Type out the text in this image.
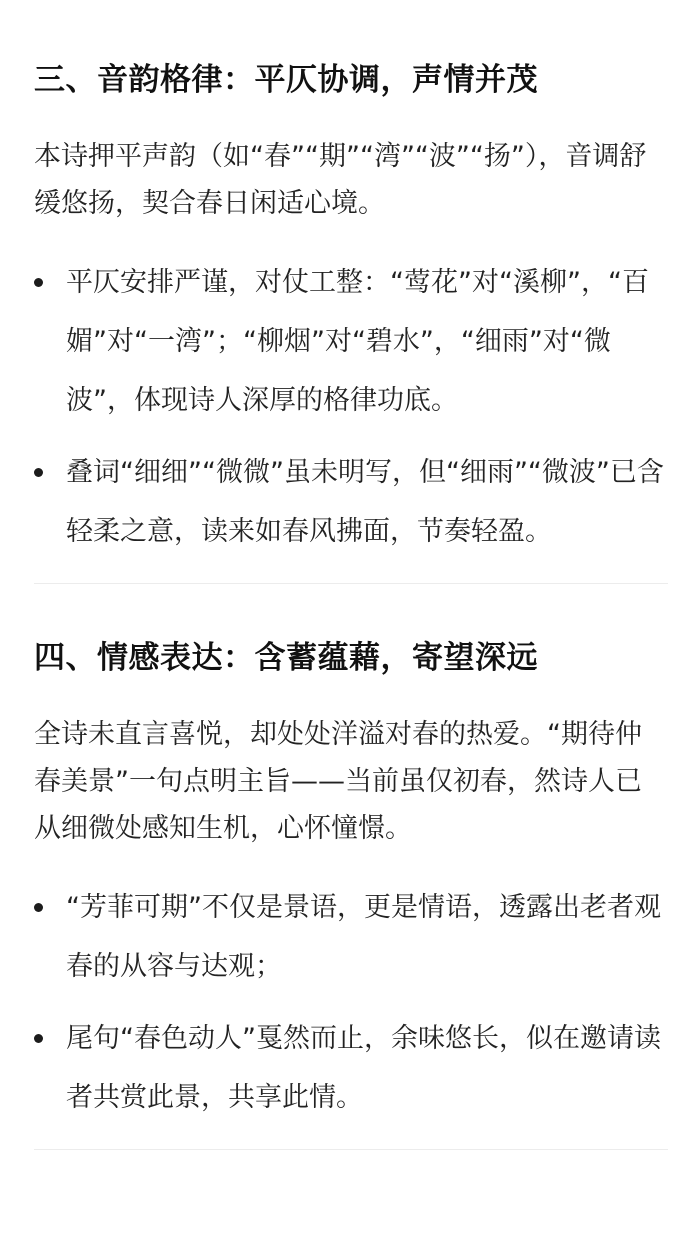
三、音韵格律：平仄协调，声情并茂

本诗押平声韵（如“春”“期”“湾”“波”“扬”），音调舒缓悠扬，契合春日闲适心境。

平仄安排严谨，对仗工整：“莺花”对“溪柳”，“百媚”对“一湾”；“柳烟”对“碧水”，“细雨”对“微波”，体现诗人深厚的格律功底。
叠词“细细”“微微”虽未明写，但“细雨”“微波”已含轻柔之意，读来如春风拂面，节奏轻盈。
四、情感表达：含蓄蕴藉，寄望深远

全诗未直言喜悦，却处处洋溢对春的热爱。“期待仲春美景”一句点明主旨——当前虽仅初春，然诗人已从细微处感知生机，心怀憧憬。

“芳菲可期”不仅是景语，更是情语，透露出老者观春的从容与达观；
尾句“春色动人”戛然而止，余味悠长，似在邀请读者共赏此景，共享此情。
